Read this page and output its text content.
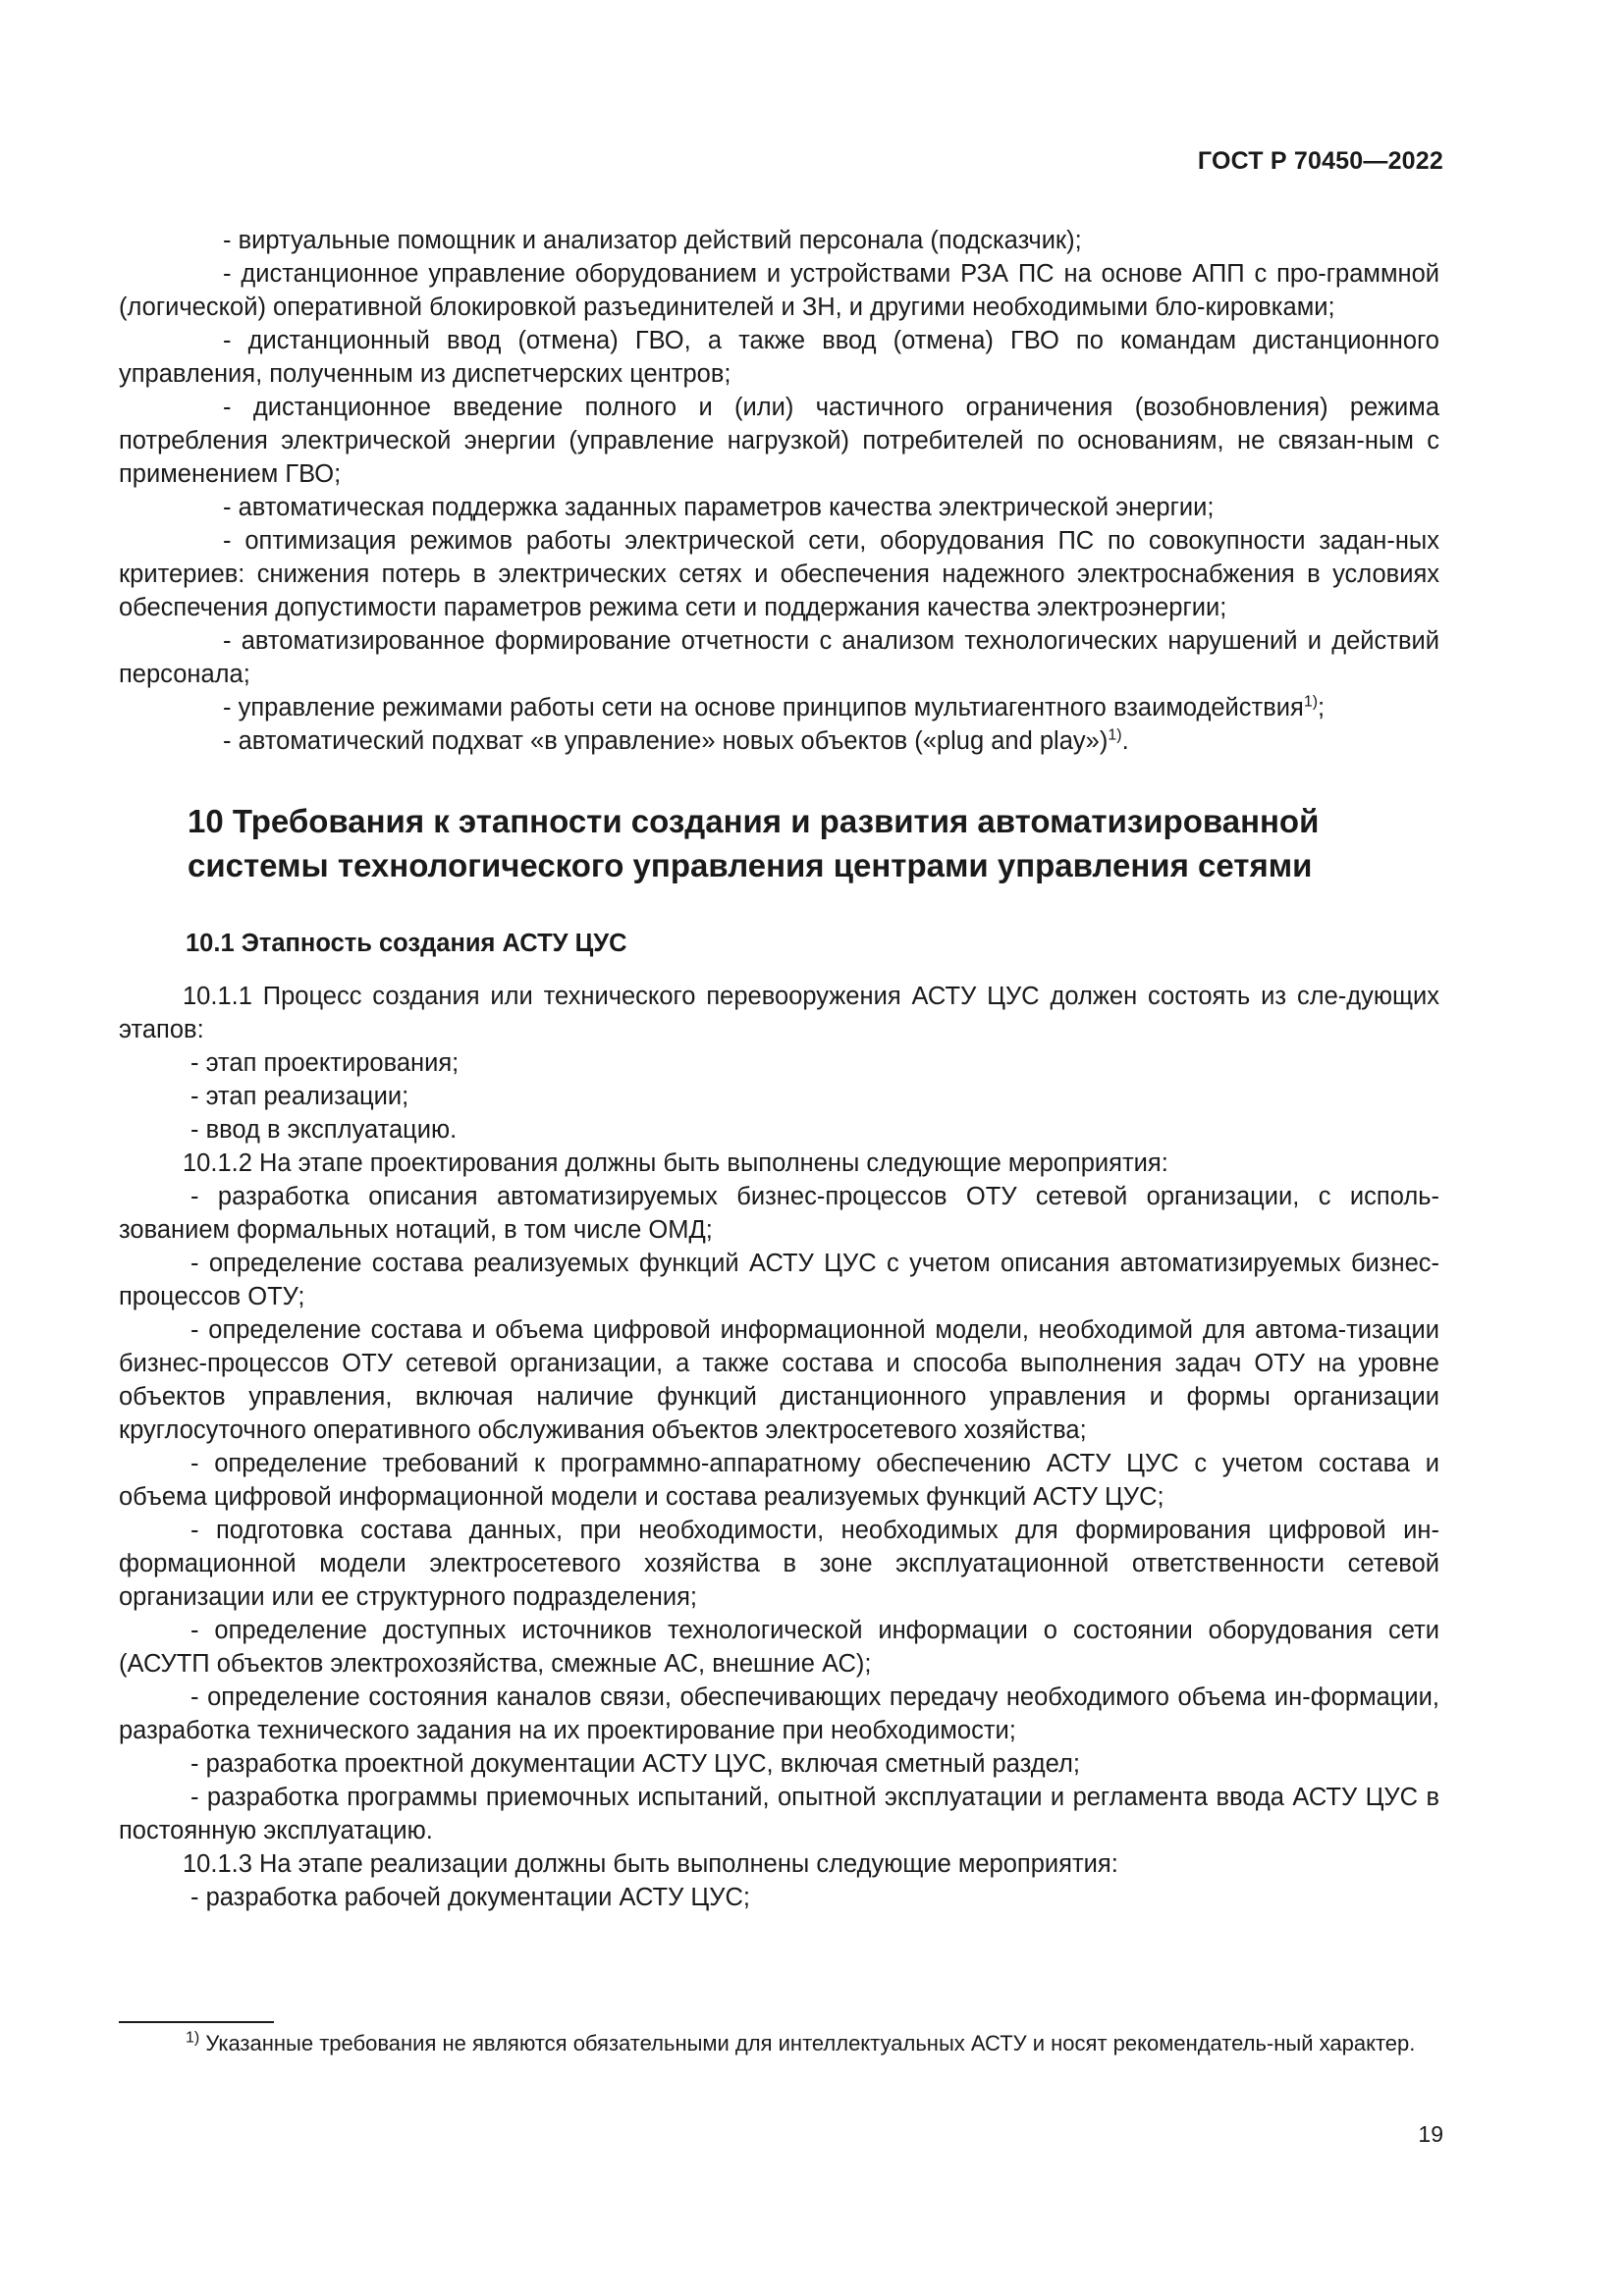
ГОСТ Р 70450—2022

- виртуальные помощник и анализатор действий персонала (подсказчик);

- дистанционное управление оборудованием и устройствами РЗА ПС на основе АПП с про-граммной (логической) оперативной блокировкой разъединителей и ЗН, и другими необходимыми бло-кировками;

- дистанционный ввод (отмена) ГВО, а также ввод (отмена) ГВО по командам дистанционного управления, полученным из диспетчерских центров;

- дистанционное введение полного и (или) частичного ограничения (возобновления) режима потребления электрической энергии (управление нагрузкой) потребителей по основаниям, не связан-ным с применением ГВО;

- автоматическая поддержка заданных параметров качества электрической энергии;

- оптимизация режимов работы электрической сети, оборудования ПС по совокупности задан-ных критериев: снижения потерь в электрических сетях и обеспечения надежного электроснабжения в условиях обеспечения допустимости параметров режима сети и поддержания качества электроэнергии;

- автоматизированное формирование отчетности с анализом технологических нарушений и действий персонала;

- управление режимами работы сети на основе принципов мультиагентного взаимодействия$^{1)}$;

- автоматический подхват «в управление» новых объектов («plug and play»)$^{1)}$.

10 Требования к этапности создания и развития автоматизированной системы технологического управления центрами управления сетями
10.1 Этапность создания АСТУ ЦУС

10.1.1 Процесс создания или технического перевооружения АСТУ ЦУС должен состоять из сле-дующих этапов:

- этап проектирования;

- этап реализации;

- ввод в эксплуатацию.

10.1.2 На этапе проектирования должны быть выполнены следующие мероприятия:

- разработка описания автоматизируемых бизнес-процессов ОТУ сетевой организации, с исполь-зованием формальных нотаций, в том числе ОМД;

- определение состава реализуемых функций АСТУ ЦУС с учетом описания автоматизируемых бизнес-процессов ОТУ;

- определение состава и объема цифровой информационной модели, необходимой для автома-тизации бизнес-процессов ОТУ сетевой организации, а также состава и способа выполнения задач ОТУ на уровне объектов управления, включая наличие функций дистанционного управления и формы организации круглосуточного оперативного обслуживания объектов электросетевого хозяйства;

- определение требований к программно-аппаратному обеспечению АСТУ ЦУС с учетом состава и объема цифровой информационной модели и состава реализуемых функций АСТУ ЦУС;

- подготовка состава данных, при необходимости, необходимых для формирования цифровой ин-формационной модели электросетевого хозяйства в зоне эксплуатационной ответственности сетевой организации или ее структурного подразделения;

- определение доступных источников технологической информации о состоянии оборудования сети (АСУТП объектов электрохозяйства, смежные АС, внешние АС);

- определение состояния каналов связи, обеспечивающих передачу необходимого объема ин-формации, разработка технического задания на их проектирование при необходимости;

- разработка проектной документации АСТУ ЦУС, включая сметный раздел;

- разработка программы приемочных испытаний, опытной эксплуатации и регламента ввода АСТУ ЦУС в постоянную эксплуатацию.

10.1.3 На этапе реализации должны быть выполнены следующие мероприятия:

- разработка рабочей документации АСТУ ЦУС;

$^{1)}$ Указанные требования не являются обязательными для интеллектуальных АСТУ и носят рекомендатель-ный характер.

19
